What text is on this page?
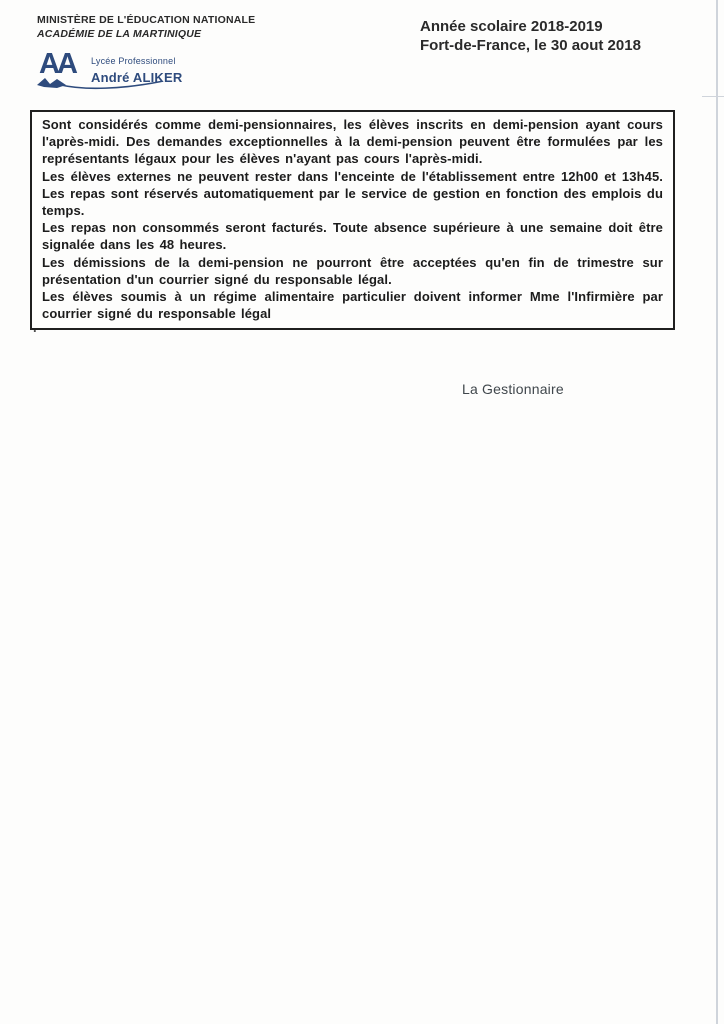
MINISTÈRE DE L'ÉDUCATION NATIONALE
ACADÉMIE DE LA MARTINIQUE
AA Lycée Professionnel André ALIKER
Année scolaire 2018-2019
Fort-de-France, le 30 aout 2018

Sont considérés comme demi-pensionnaires, les élèves inscrits en demi-pension ayant cours l'après-midi. Des demandes exceptionnelles à la demi-pension peuvent être formulées par les représentants légaux pour les élèves n'ayant pas cours l'après-midi.

Les élèves externes ne peuvent rester dans l'enceinte de l'établissement entre 12h00 et 13h45. Les repas sont réservés automatiquement par le service de gestion en fonction des emplois du temps.

Les repas non consommés seront facturés. Toute absence supérieure à une semaine doit être signalée dans les 48 heures.

Les démissions de la demi-pension ne pourront être acceptées qu'en fin de trimestre sur présentation d'un courrier signé du responsable légal.

Les élèves soumis à un régime alimentaire particulier doivent informer Mme l'Infirmière par courrier signé du responsable légal

.
La Gestionnaire
